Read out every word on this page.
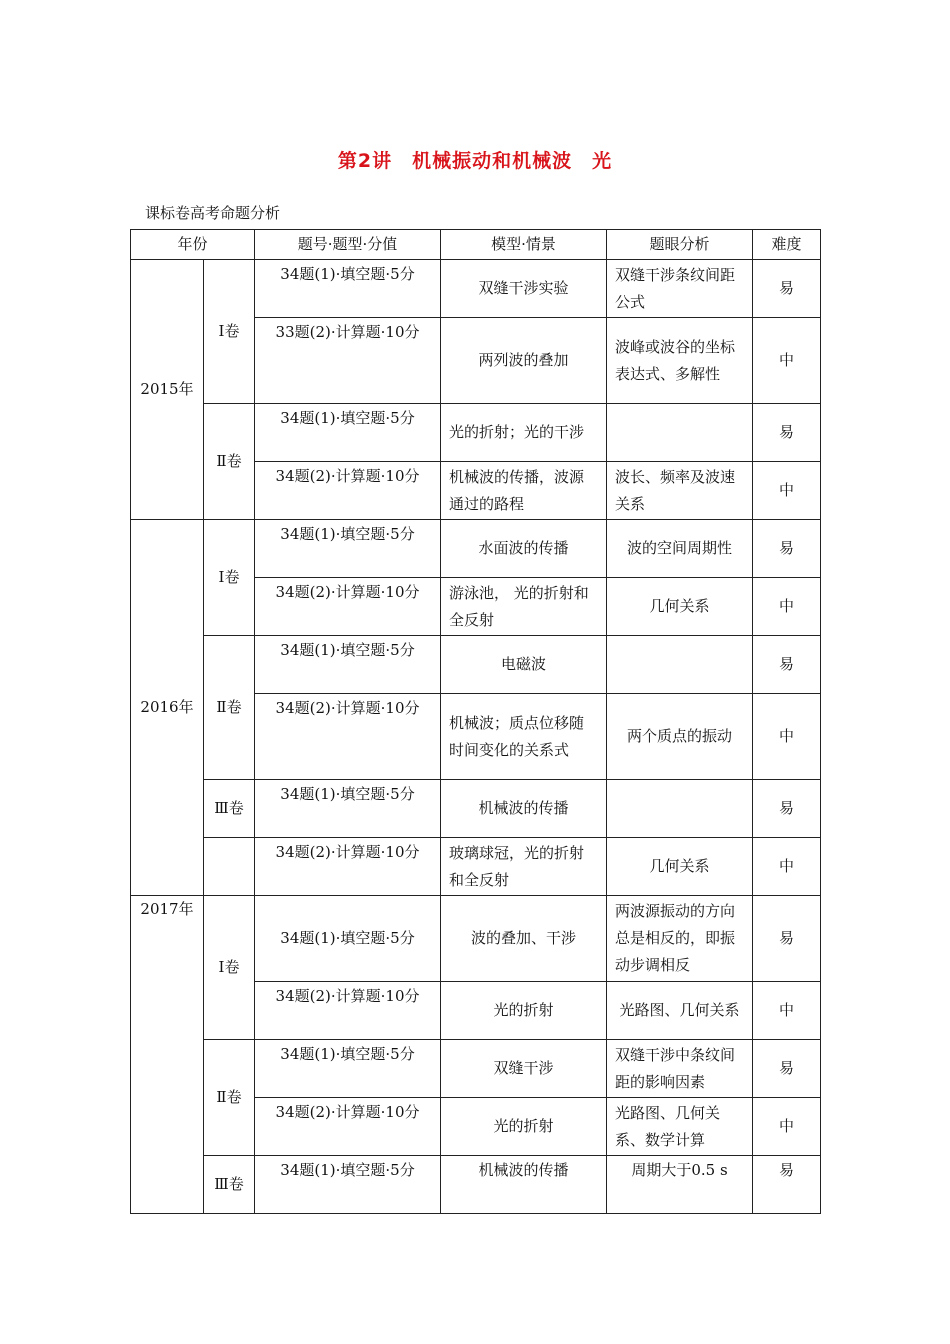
第2讲　机械振动和机械波　光
课标卷高考命题分析
年份		题号·题型·分值	模型·情景	题眼分析	难度
2015年	Ⅰ卷	34题(1)·填空题·5分	双缝干涉实验	双缝干涉条纹间距公式	易
		33题(2)·计算题·10分	两列波的叠加	波峰或波谷的坐标表达式、多解性	中
	Ⅱ卷	34题(1)·填空题·5分	光的折射；光的干涉		易
		34题(2)·计算题·10分	机械波的传播，波源通过的路程	波长、频率及波速关系	中
2016年	Ⅰ卷	34题(1)·填空题·5分	水面波的传播	波的空间周期性	易
		34题(2)·计算题·10分	游泳池， 光的折射和全反射	几何关系	中
	Ⅱ卷	34题(1)·填空题·5分	电磁波		易
		34题(2)·计算题·10分	机械波；质点位移随时间变化的关系式	两个质点的振动	中
	Ⅲ卷	34题(1)·填空题·5分	机械波的传播		易
		34题(2)·计算题·10分	玻璃球冠，光的折射和全反射	几何关系	中
2017年	Ⅰ卷	34题(1)·填空题·5分	波的叠加、干涉	两波源振动的方向总是相反的，即振动步调相反	易
		34题(2)·计算题·10分	光的折射	光路图、几何关系	中
	Ⅱ卷	34题(1)·填空题·5分	双缝干涉	双缝干涉中条纹间距的影响因素	易
		34题(2)·计算题·10分	光的折射	光路图、几何关系、数学计算	中
	Ⅲ卷	34题(1)·填空题·5分	机械波的传播	周期大于0.5 s	易
